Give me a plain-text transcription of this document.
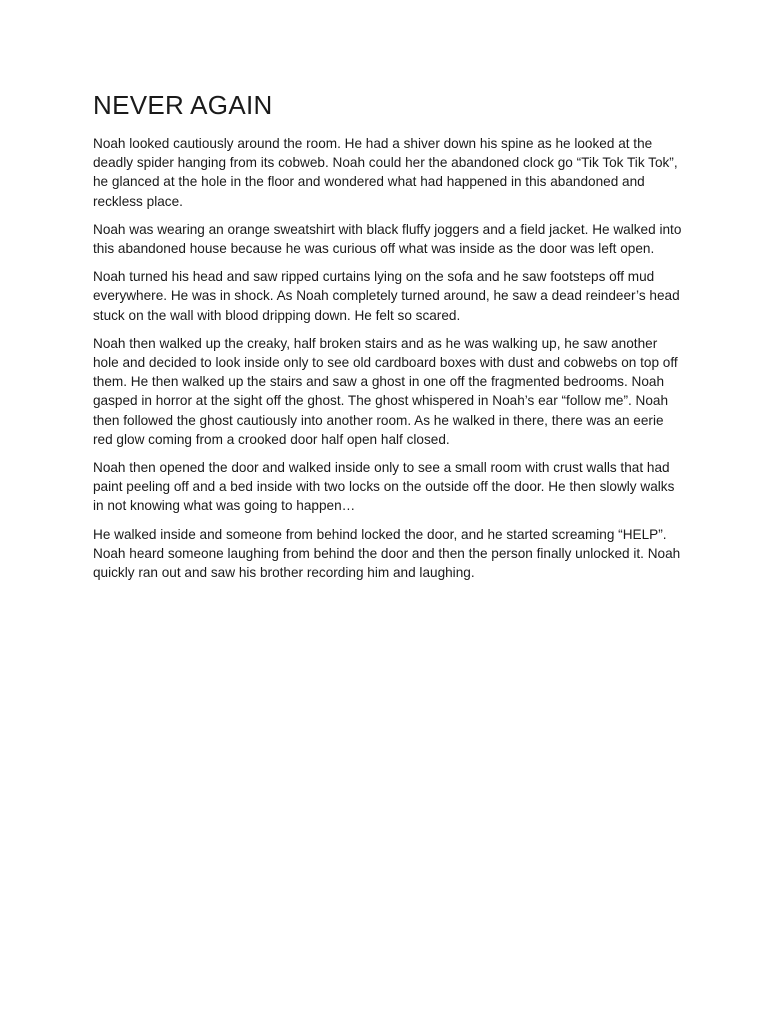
NEVER AGAIN

Noah looked cautiously around the room. He had a shiver down his spine as he looked at the deadly spider hanging from its cobweb. Noah could her the abandoned clock go “Tik Tok Tik Tok”, he glanced at the hole in the floor and wondered what had happened in this abandoned and reckless place.

Noah was wearing an orange sweatshirt with black fluffy joggers and a field jacket. He walked into this abandoned house because he was curious off what was inside as the door was left open.

Noah turned his head and saw ripped curtains lying on the sofa and he saw footsteps off mud everywhere. He was in shock. As Noah completely turned around, he saw a dead reindeer’s head stuck on the wall with blood dripping down. He felt so scared.

Noah then walked up the creaky, half broken stairs and as he was walking up, he saw another hole and decided to look inside only to see old cardboard boxes with dust and cobwebs on top off them. He then walked up the stairs and saw a ghost in one off the fragmented bedrooms. Noah gasped in horror at the sight off the ghost. The ghost whispered in Noah’s ear “follow me”. Noah then followed the ghost cautiously into another room. As he walked in there, there was an eerie red glow coming from a crooked door half open half closed.

Noah then opened the door and walked inside only to see a small room with crust walls that had paint peeling off and a bed inside with two locks on the outside off the door. He then slowly walks in not knowing what was going to happen…

He walked inside and someone from behind locked the door, and he started screaming “HELP”. Noah heard someone laughing from behind the door and then the person finally unlocked it. Noah quickly ran out and saw his brother recording him and laughing.
